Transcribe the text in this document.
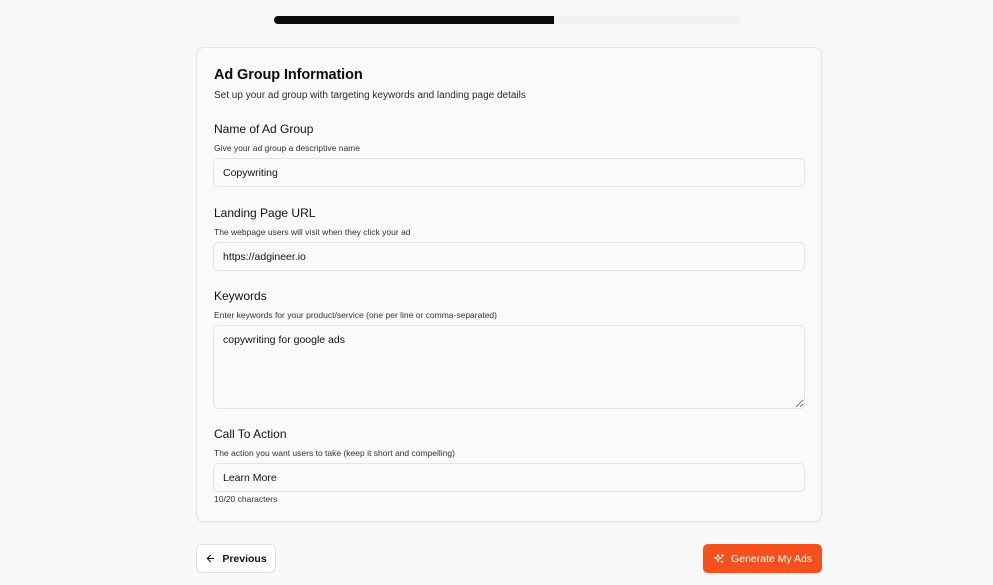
Ad Group Information
Set up your ad group with targeting keywords and landing page details
Name of Ad Group
Give your ad group a descriptive name
Copywriting
Landing Page URL
The webpage users will visit when they click your ad
https://adgineer.io
Keywords
Enter keywords for your product/service (one per line or comma-separated)
copywriting for google ads
Call To Action
The action you want users to take (keep it short and compelling)
Learn More
10/20 characters
Previous	Generate My Ads
